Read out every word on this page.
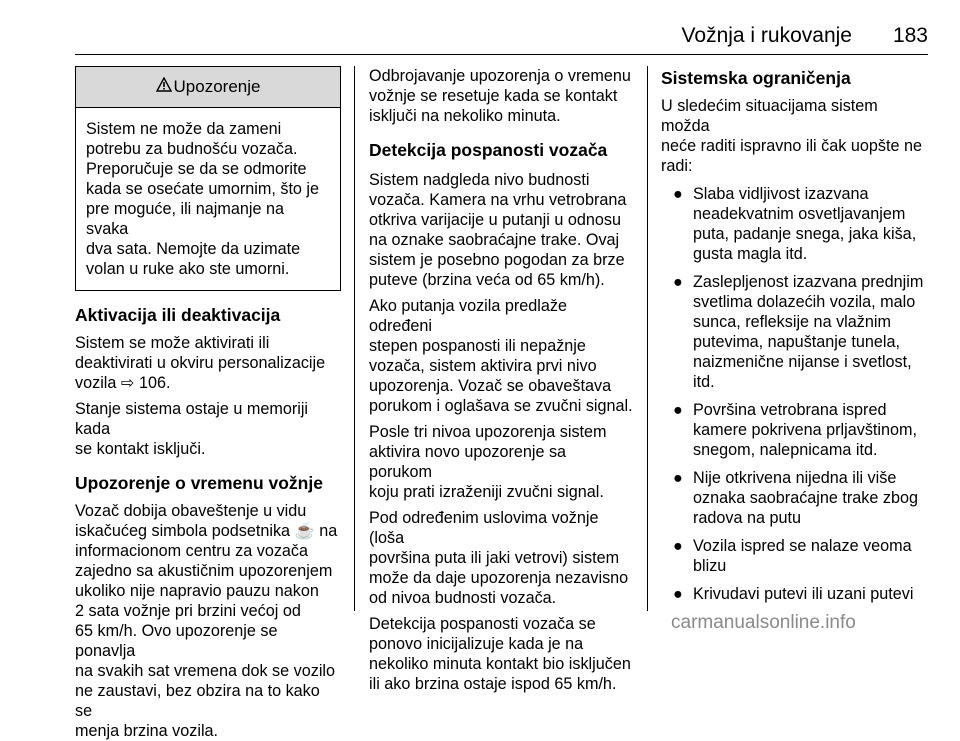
Vožnja i rukovanje 183
Upozorenje
Sistem ne može da zameni
potrebu za budnošću vozača.
Preporučuje se da se odmorite
kada se osećate umornim, što je
pre moguće, ili najmanje na svaka
dva sata. Nemojte da uzimate
volan u ruke ako ste umorni.
Aktivacija ili deaktivacija

Sistem se može aktivirati ili
deaktivirati u okviru personalizacije
vozila ⇨ 106.

Stanje sistema ostaje u memoriji kada
se kontakt isključi.

Upozorenje o vremenu vožnje

Vozač dobija obaveštenje u vidu
iskačućeg simbola podsetnika ☕ na
informacionom centru za vozača
zajedno sa akustičnim upozorenjem
ukoliko nije napravio pauzu nakon
2 sata vožnje pri brzini većoj od
65 km/h. Ovo upozorenje se ponavlja
na svakih sat vremena dok se vozilo
ne zaustavi, bez obzira na to kako se
menja brzina vozila.

Odbrojavanje upozorenja o vremenu
vožnje se resetuje kada se kontakt
isključi na nekoliko minuta.

Detekcija pospanosti vozača

Sistem nadgleda nivo budnosti
vozača. Kamera na vrhu vetrobrana
otkriva varijacije u putanji u odnosu
na oznake saobraćajne trake. Ovaj
sistem je posebno pogodan za brze
puteve (brzina veća od 65 km/h).

Ako putanja vozila predlaže određeni
stepen pospanosti ili nepažnje
vozača, sistem aktivira prvi nivo
upozorenja. Vozač se obaveštava
porukom i oglašava se zvučni signal.

Posle tri nivoa upozorenja sistem
aktivira novo upozorenje sa porukom
koju prati izraženiji zvučni signal.

Pod određenim uslovima vožnje (loša
površina puta ili jaki vetrovi) sistem
može da daje upozorenja nezavisno
od nivoa budnosti vozača.

Detekcija pospanosti vozača se
ponovo inicijalizuje kada je na
nekoliko minuta kontakt bio isključen
ili ako brzina ostaje ispod 65 km/h.

Sistemska ograničenja

U sledećim situacijama sistem možda
neće raditi ispravno ili čak uopšte ne
radi:

● Slaba vidljivost izazvana
neadekvatnim osvetljavanjem
puta, padanje snega, jaka kiša,
gusta magla itd.
● Zaslepljenost izazvana prednjim
svetlima dolazećih vozila, malo
sunca, refleksije na vlažnim
putevima, napuštanje tunela,
naizmenične nijanse i svetlost,
itd.
● Površina vetrobrana ispred
kamere pokrivena prljavštinom,
snegom, nalepnicama itd.
● Nije otkrivena nijedna ili više
oznaka saobraćajne trake zbog
radova na putu
● Vozila ispred se nalaze veoma
blizu
● Krivudavi putevi ili uzani putevi
carmanualsonline.info
